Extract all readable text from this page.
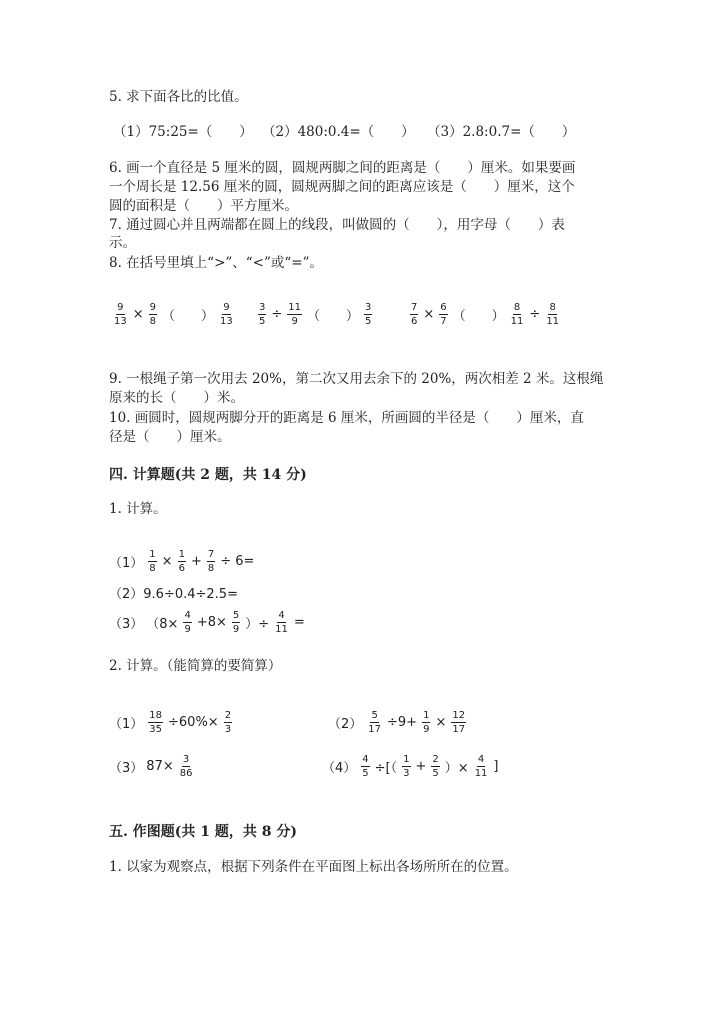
5. 求下面各比的比值。
（1）75:25=（　　） （2）480:0.4=（　　） （3）2.8:0.7=（　　）
6. 画一个直径是 5 厘米的圆，圆规两脚之间的距离是（　　）厘米。如果要画
一个周长是 12.56 厘米的圆，圆规两脚之间的距离应该是（　　）厘米，这个
圆的面积是（　　）平方厘米。
7. 通过圆心并且两端都在圆上的线段，叫做圆的（　　），用字母（　　）表
示。
8. 在括号里填上“>”、“<”或“=”。
$\frac{9}{13} \times \frac{9}{8}$ （　　） $\frac{9}{13} \frac{3}{5} \div \frac{11}{9}$ （　　） $\frac{3}{5}$	$\frac{7}{6} \times \frac{6}{7}$ （　　） $\frac{8}{11} \div \frac{8}{11}$
9. 一根绳子第一次用去 20%，第二次又用去余下的 20%，两次相差 2 米。这根绳
原来的长（　　）米。
10. 画圆时，圆规两脚分开的距离是 6 厘米，所画圆的半径是（　　）厘米，直
径是（　　）厘米。
四. 计算题(共 2 题，共 14 分)
1. 计算。
$(1) \frac{1}{8} \times \frac{1}{6} + \frac{7}{8} \div 6=$
（2）9.6÷0.4÷2.5=
（3） （$8\times \frac{4}{9} +8\times \frac{5}{9}$ ）÷ $\frac{4}{11}$ =
2. 计算。（能简算的要简算）
$(1) \frac{18}{35} \div 60\%\times \frac{2}{3}$	$(2) \frac{5}{17} \div 9+ \frac{1}{9} \times \frac{12}{17}$
（3） $87\times \frac{3}{86}$	$(4) \frac{4}{5}$ ÷[（ $\frac{1}{3} + \frac{2}{5}$ ）× $\frac{4}{11}$ ]
五. 作图题(共 1 题，共 8 分)
1. 以家为观察点，根据下列条件在平面图上标出各场所所在的位置。
